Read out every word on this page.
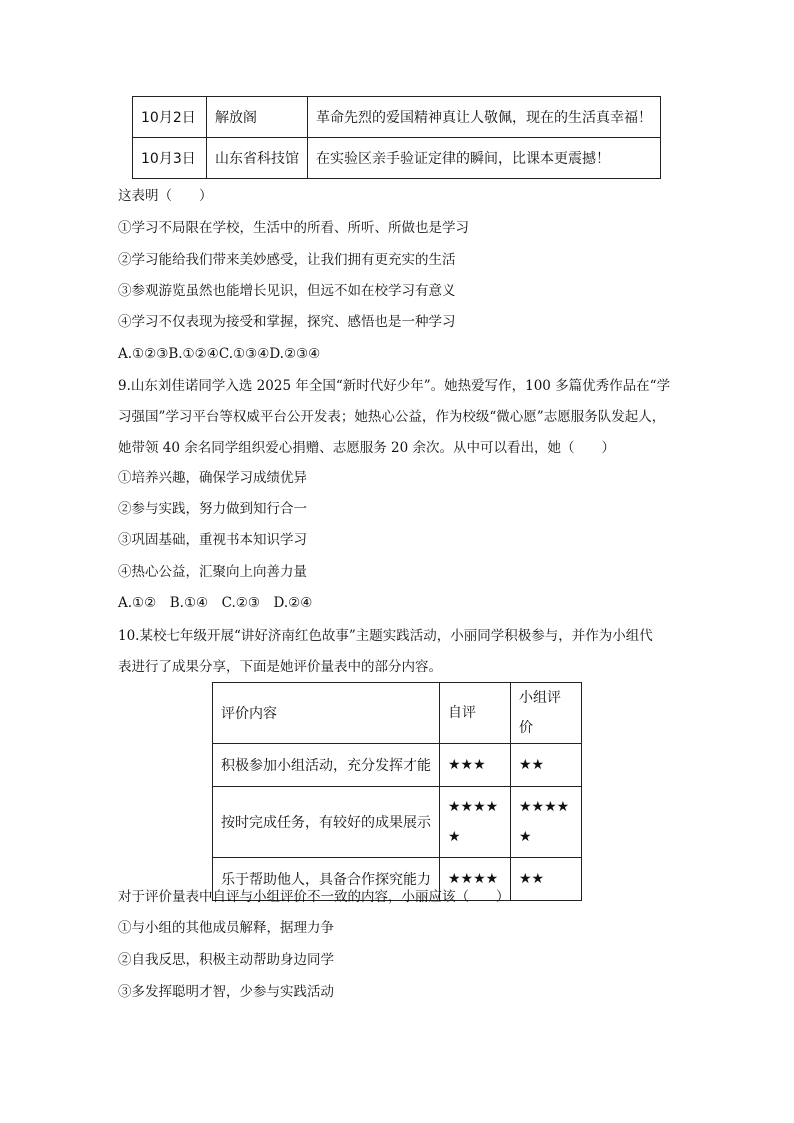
10月2日	解放阁	革命先烈的爱国精神真让人敬佩，现在的生活真幸福！
10月3日	山东省科技馆	在实验区亲手验证定律的瞬间，比课本更震撼！
这表明（　　）
①学习不局限在学校，生活中的所看、所听、所做也是学习
②学习能给我们带来美妙感受，让我们拥有更充实的生活
③参观游览虽然也能增长见识，但远不如在校学习有意义
④学习不仅表现为接受和掌握，探究、感悟也是一种学习
A.①②③B.①②④C.①③④D.②③④
9.山东刘佳诺同学入选 2025 年全国“新时代好少年”。她热爱写作，100 多篇优秀作品在“学
习强国”学习平台等权威平台公开发表；她热心公益，作为校级“微心愿”志愿服务队发起人，
她带领 40 余名同学组织爱心捐赠、志愿服务 20 余次。从中可以看出，她（　　）
①培养兴趣，确保学习成绩优异
②参与实践，努力做到知行合一
③巩固基础，重视书本知识学习
④热心公益，汇聚向上向善力量
A.①②　B.①④　C.②③　D.②④
10.某校七年级开展“讲好济南红色故事”主题实践活动，小丽同学积极参与，并作为小组代
表进行了成果分享，下面是她评价量表中的部分内容。
评价内容	自评	小组评价
积极参加小组活动，充分发挥才能	★★★	★★
按时完成任务，有较好的成果展示	★★★★★	★★★★★
乐于帮助他人，具备合作探究能力	★★★★	★★
对于评价量表中自评与小组评价不一致的内容，小丽应该（　　）
①与小组的其他成员解释，据理力争
②自我反思，积极主动帮助身边同学
③多发挥聪明才智，少参与实践活动
